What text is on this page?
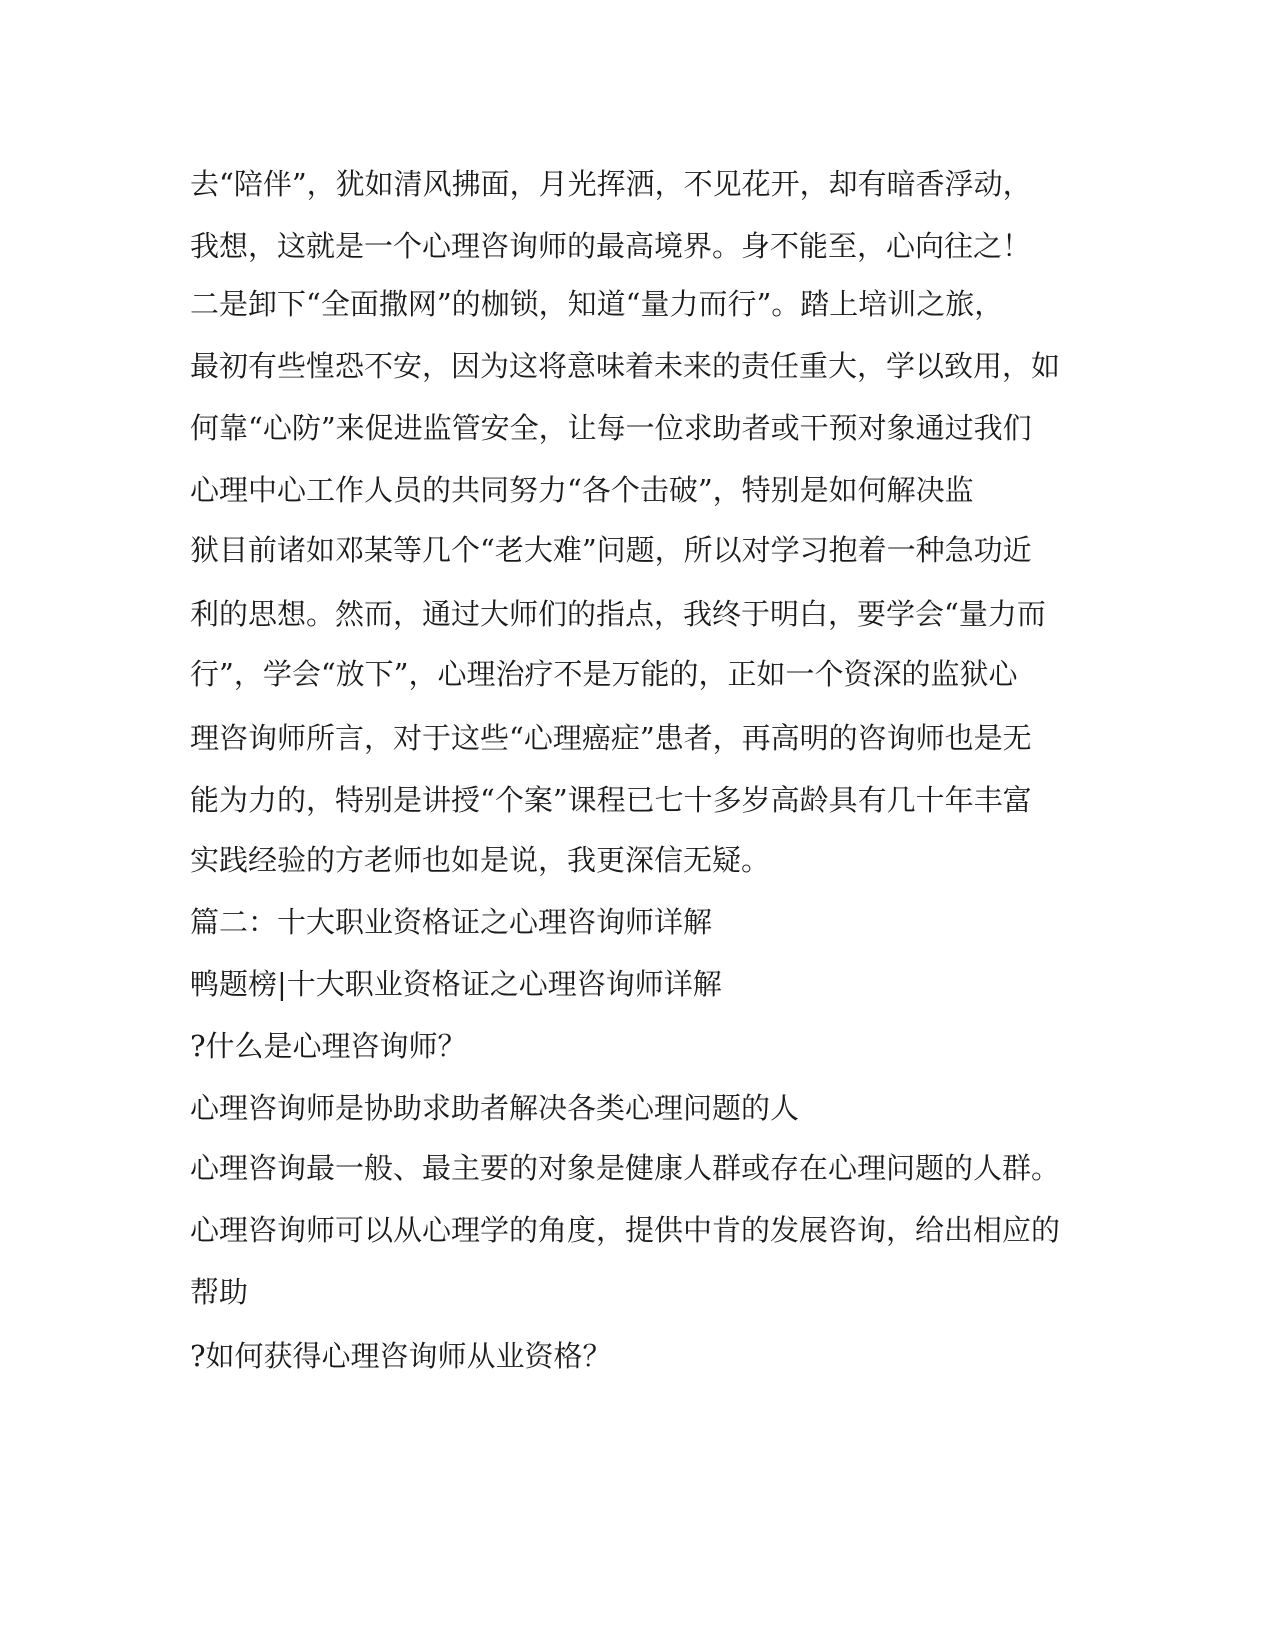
去“陪伴”，犹如清风拂面，月光挥洒，不见花开，却有暗香浮动，

我想，这就是一个心理咨询师的最高境界。身不能至，心向往之！

二是卸下“全面撒网”的枷锁，知道“量力而行”。踏上培训之旅，

最初有些惶恐不安，因为这将意味着未来的责任重大，学以致用，如

何靠“心防”来促进监管安全，让每一位求助者或干预对象通过我们

心理中心工作人员的共同努力“各个击破”，特别是如何解决监

狱目前诸如邓某等几个“老大难”问题，所以对学习抱着一种急功近

利的思想。然而，通过大师们的指点，我终于明白，要学会“量力而

行”，学会“放下”，心理治疗不是万能的，正如一个资深的监狱心

理咨询师所言，对于这些“心理癌症”患者，再高明的咨询师也是无

能为力的，特别是讲授“个案”课程已七十多岁高龄具有几十年丰富

实践经验的方老师也如是说，我更深信无疑。

篇二：十大职业资格证之心理咨询师详解

鸭题榜|十大职业资格证之心理咨询师详解

?什么是心理咨询师？

心理咨询师是协助求助者解决各类心理问题的人

心理咨询最一般、最主要的对象是健康人群或存在心理问题的人群。

心理咨询师可以从心理学的角度，提供中肯的发展咨询，给出相应的

帮助

?如何获得心理咨询师从业资格？
